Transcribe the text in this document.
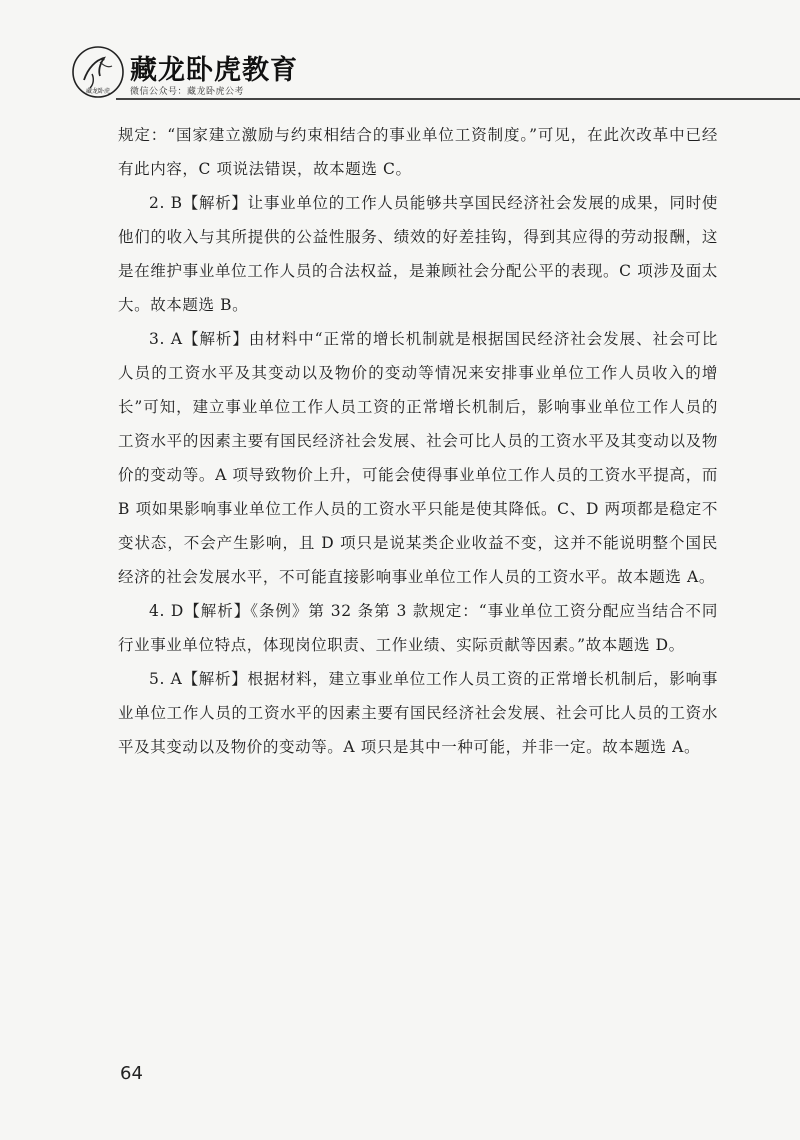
藏龙卧虎
藏龙卧虎教育
微信公众号：藏龙卧虎公考

规定：“国家建立激励与约束相结合的事业单位工资制度。”可见，在此次改革中已经有此内容，C 项说法错误，故本题选 C。

2. B【解析】让事业单位的工作人员能够共享国民经济社会发展的成果，同时使他们的收入与其所提供的公益性服务、绩效的好差挂钩，得到其应得的劳动报酬，这是在维护事业单位工作人员的合法权益，是兼顾社会分配公平的表现。C 项涉及面太大。故本题选 B。

3. A【解析】由材料中“正常的增长机制就是根据国民经济社会发展、社会可比人员的工资水平及其变动以及物价的变动等情况来安排事业单位工作人员收入的增长”可知，建立事业单位工作人员工资的正常增长机制后，影响事业单位工作人员的工资水平的因素主要有国民经济社会发展、社会可比人员的工资水平及其变动以及物价的变动等。A 项导致物价上升，可能会使得事业单位工作人员的工资水平提高，而 B 项如果影响事业单位工作人员的工资水平只能是使其降低。C、D 两项都是稳定不变状态，不会产生影响，且 D 项只是说某类企业收益不变，这并不能说明整个国民经济的社会发展水平，不可能直接影响事业单位工作人员的工资水平。故本题选 A。

4. D【解析】《条例》第 32 条第 3 款规定：“事业单位工资分配应当结合不同行业事业单位特点，体现岗位职责、工作业绩、实际贡献等因素。”故本题选 D。

5. A【解析】根据材料，建立事业单位工作人员工资的正常增长机制后，影响事业单位工作人员的工资水平的因素主要有国民经济社会发展、社会可比人员的工资水平及其变动以及物价的变动等。A 项只是其中一种可能，并非一定。故本题选 A。

64
